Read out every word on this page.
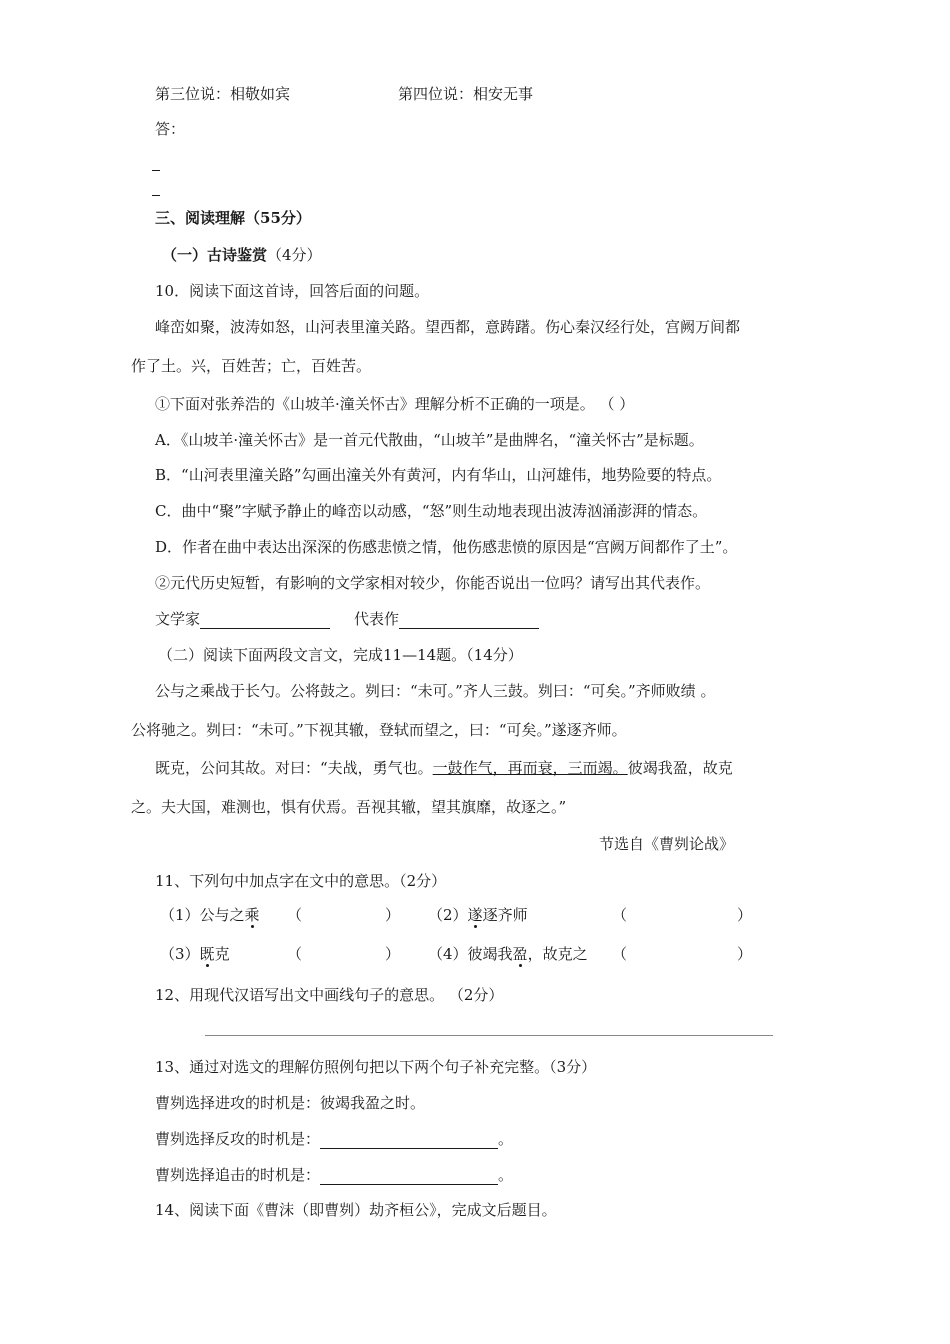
第三位说：相敬如宾	第四位说：相安无事
答：
三、阅读理解（55分）
（一）古诗鉴赏（4分）
10．阅读下面这首诗，回答后面的问题。
峰峦如聚，波涛如怒，山河表里潼关路。望西都，意踌躇。伤心秦汉经行处，宫阙万间都
作了土。兴，百姓苦；亡，百姓苦。
①下面对张养浩的《山坡羊·潼关怀古》理解分析不正确的一项是。 （ ）
A．《山坡羊·潼关怀古》是一首元代散曲，“山坡羊”是曲牌名，“潼关怀古”是标题。
B．“山河表里潼关路”勾画出潼关外有黄河，内有华山，山河雄伟，地势险要的特点。
C．曲中“聚”字赋予静止的峰峦以动感，“怒”则生动地表现出波涛汹涌澎湃的情态。
D．作者在曲中表达出深深的伤感悲愤之情，他伤感悲愤的原因是“宫阙万间都作了土”。
②元代历史短暂，有影响的文学家相对较少，你能否说出一位吗？请写出其代表作。
文学家	代表作
（二）阅读下面两段文言文，完成11—14题。（14分）
公与之乘战于长勺。公将鼓之。刿曰：“未可。”齐人三鼓。刿曰：“可矣。”齐师败绩 。
公将驰之。刿曰：“未可。”下视其辙，登轼而望之，曰：“可矣。”遂逐齐师。
既克，公问其故。对曰：“夫战，勇气也。一鼓作气，再而衰，三而竭。彼竭我盈，故克
之。夫大国，难测也，惧有伏焉。吾视其辙，望其旗靡，故逐之。”
节选自《曹刿论战》
11、下列句中加点字在文中的意思。（2分）
（1）公与之乘 （	） （2）遂逐齐师	（	）
（3）既克	（	） （4）彼竭我盈，故克之 （	）
12、用现代汉语写出文中画线句子的意思。 （2分）
13、通过对选文的理解仿照例句把以下两个句子补充完整。（3分）
曹刿选择进攻的时机是：彼竭我盈之时。
曹刿选择反攻的时机是：	。
曹刿选择追击的时机是：	。
14、阅读下面《曹沫（即曹刿）劫齐桓公》，完成文后题目。
